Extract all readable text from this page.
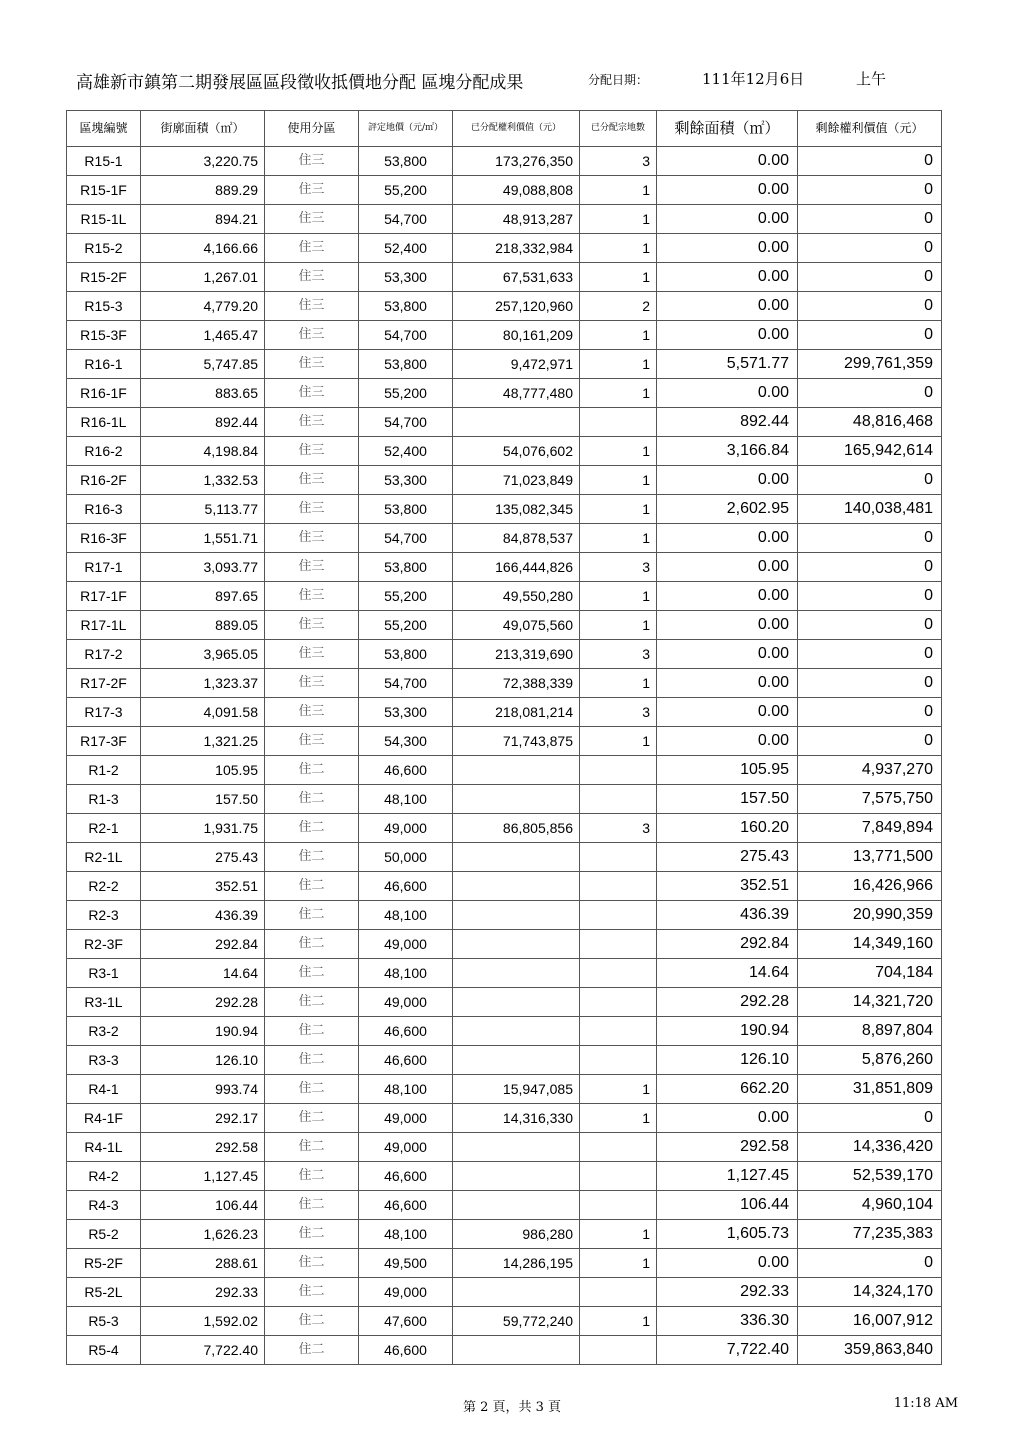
高雄新市鎮第二期發展區區段徵收抵價地分配 區塊分配成果	分配日期：	111年12月6日	上午
區塊編號	街廓面積（㎡）	使用分區	評定地價（元/㎡）	已分配權利價值（元）	已分配宗地數	剩餘面積（㎡）	剩餘權利價值（元）
R15-1	3,220.75	住三	53,800	173,276,350	3	0.00	0
R15-1F	889.29	住三	55,200	49,088,808	1	0.00	0
R15-1L	894.21	住三	54,700	48,913,287	1	0.00	0
R15-2	4,166.66	住三	52,400	218,332,984	1	0.00	0
R15-2F	1,267.01	住三	53,300	67,531,633	1	0.00	0
R15-3	4,779.20	住三	53,800	257,120,960	2	0.00	0
R15-3F	1,465.47	住三	54,700	80,161,209	1	0.00	0
R16-1	5,747.85	住三	53,800	9,472,971	1	5,571.77	299,761,359
R16-1F	883.65	住三	55,200	48,777,480	1	0.00	0
R16-1L	892.44	住三	54,700			892.44	48,816,468
R16-2	4,198.84	住三	52,400	54,076,602	1	3,166.84	165,942,614
R16-2F	1,332.53	住三	53,300	71,023,849	1	0.00	0
R16-3	5,113.77	住三	53,800	135,082,345	1	2,602.95	140,038,481
R16-3F	1,551.71	住三	54,700	84,878,537	1	0.00	0
R17-1	3,093.77	住三	53,800	166,444,826	3	0.00	0
R17-1F	897.65	住三	55,200	49,550,280	1	0.00	0
R17-1L	889.05	住三	55,200	49,075,560	1	0.00	0
R17-2	3,965.05	住三	53,800	213,319,690	3	0.00	0
R17-2F	1,323.37	住三	54,700	72,388,339	1	0.00	0
R17-3	4,091.58	住三	53,300	218,081,214	3	0.00	0
R17-3F	1,321.25	住三	54,300	71,743,875	1	0.00	0
R1-2	105.95	住二	46,600			105.95	4,937,270
R1-3	157.50	住二	48,100			157.50	7,575,750
R2-1	1,931.75	住二	49,000	86,805,856	3	160.20	7,849,894
R2-1L	275.43	住二	50,000			275.43	13,771,500
R2-2	352.51	住二	46,600			352.51	16,426,966
R2-3	436.39	住二	48,100			436.39	20,990,359
R2-3F	292.84	住二	49,000			292.84	14,349,160
R3-1	14.64	住二	48,100			14.64	704,184
R3-1L	292.28	住二	49,000			292.28	14,321,720
R3-2	190.94	住二	46,600			190.94	8,897,804
R3-3	126.10	住二	46,600			126.10	5,876,260
R4-1	993.74	住二	48,100	15,947,085	1	662.20	31,851,809
R4-1F	292.17	住二	49,000	14,316,330	1	0.00	0
R4-1L	292.58	住二	49,000			292.58	14,336,420
R4-2	1,127.45	住二	46,600			1,127.45	52,539,170
R4-3	106.44	住二	46,600			106.44	4,960,104
R5-2	1,626.23	住二	48,100	986,280	1	1,605.73	77,235,383
R5-2F	288.61	住二	49,500	14,286,195	1	0.00	0
R5-2L	292.33	住二	49,000			292.33	14,324,170
R5-3	1,592.02	住二	47,600	59,772,240	1	336.30	16,007,912
R5-4	7,722.40	住二	46,600			7,722.40	359,863,840
第 2 頁，共 3 頁	11:18 AM
